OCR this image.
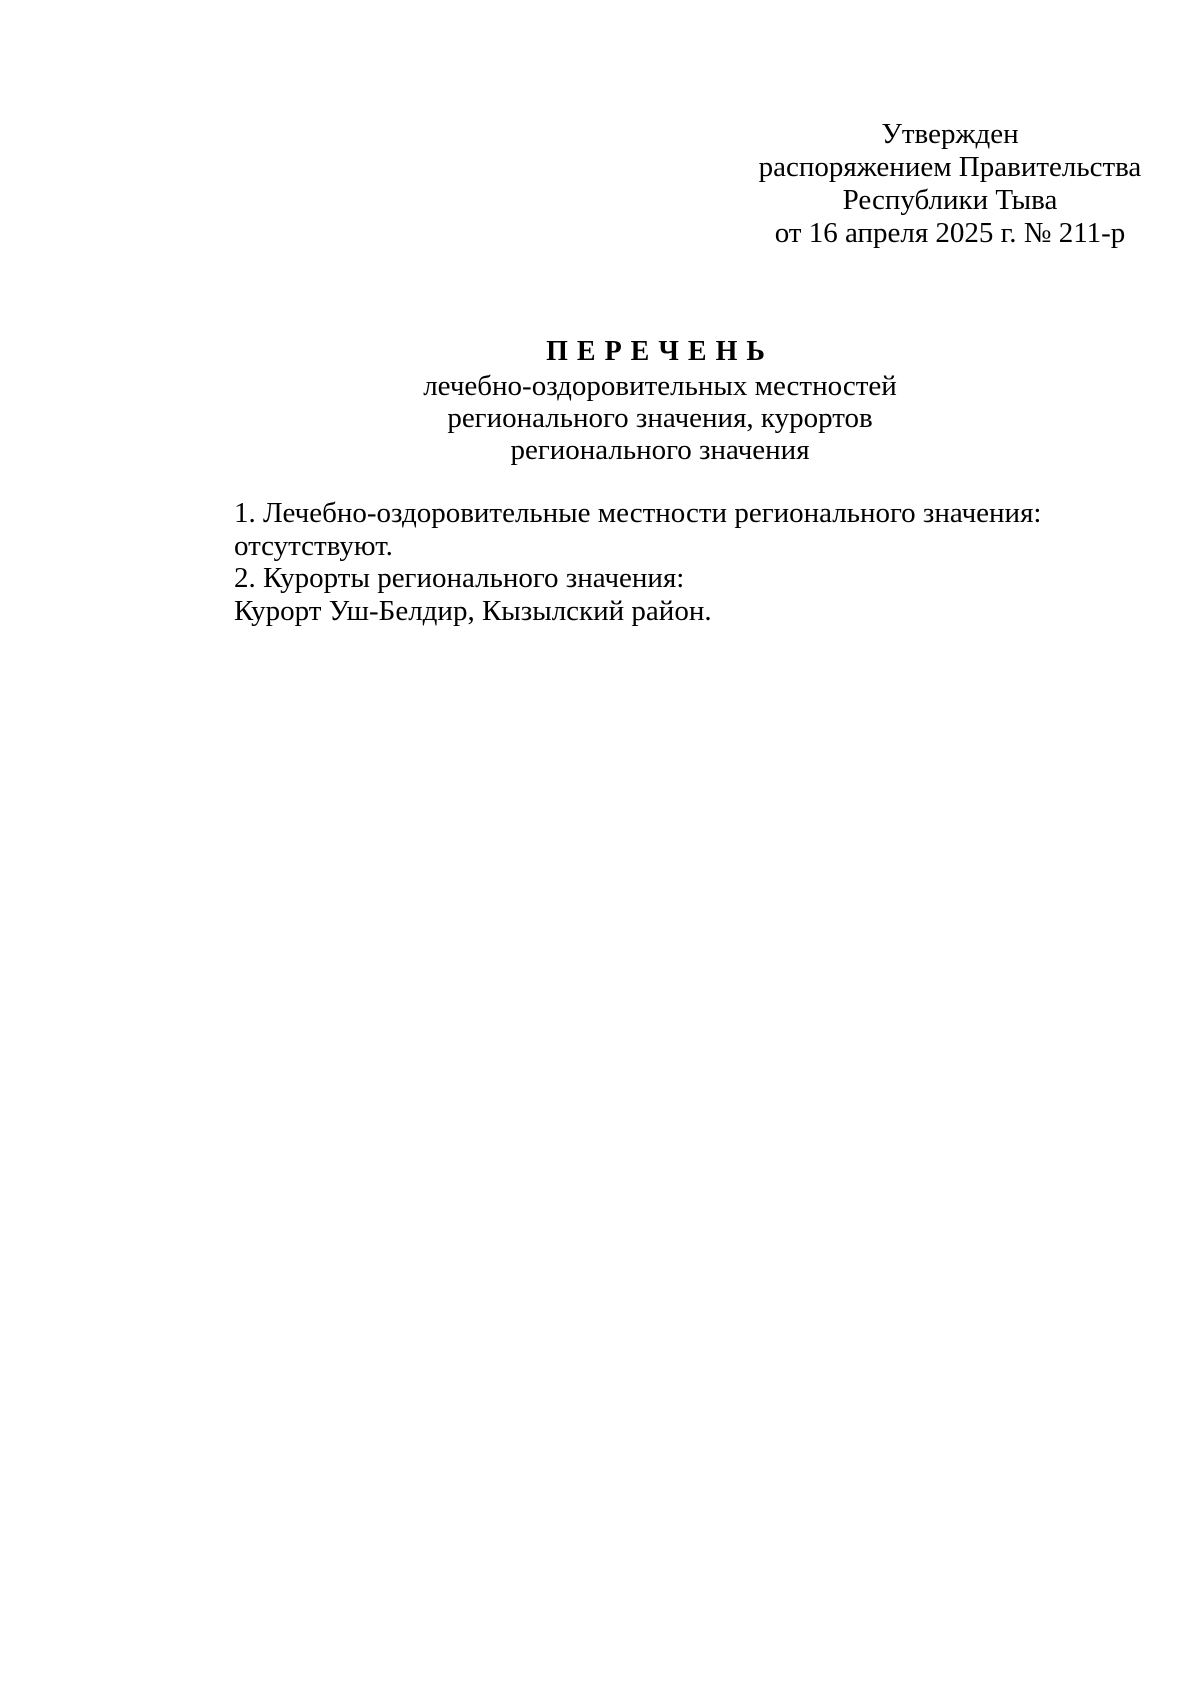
Утвержден
распоряжением Правительства
Республики Тыва
от 16 апреля 2025 г. № 211-р
ПЕРЕЧЕНЬ
лечебно-оздоровительных местностей
регионального значения, курортов
регионального значения
1. Лечебно-оздоровительные местности регионального значения:
отсутствуют.
2. Курорты регионального значения:
Курорт Уш-Белдир, Кызылский район.
